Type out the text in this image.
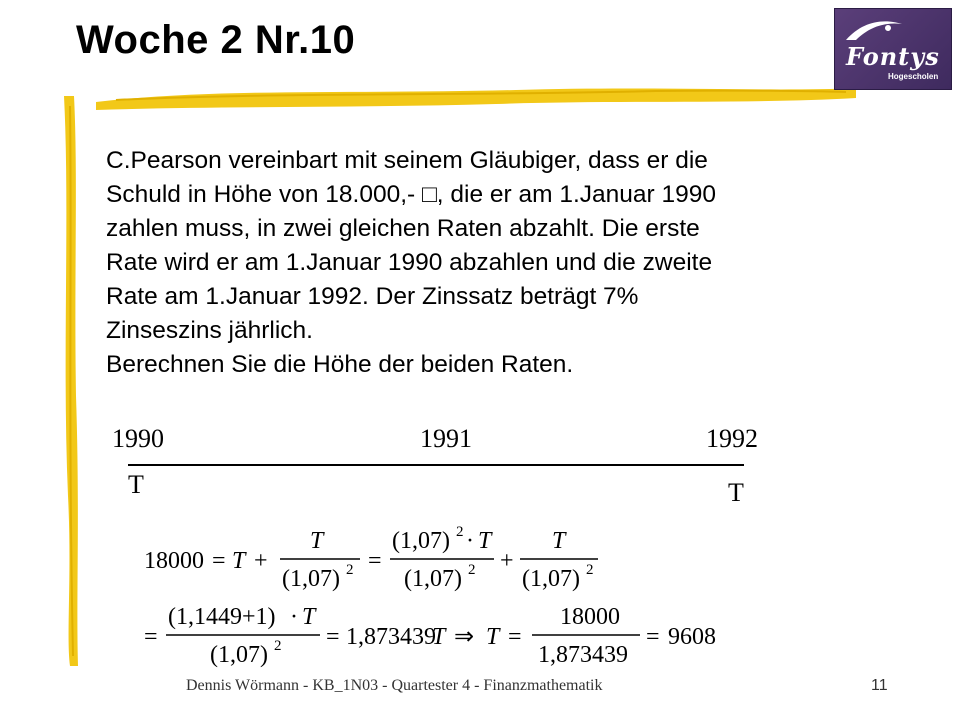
Woche 2 Nr.10	Fontys
Hogescholen
C.Pearson vereinbart mit seinem Gläubiger, dass er die
Schuld in Höhe von 18.000,- □, die er am 1.Januar 1990
zahlen muss, in zwei gleichen Raten abzahlt. Die erste
Rate wird er am 1.Januar 1990 abzahlen und die zweite
Rate am 1.Januar 1992. Der Zinssatz beträgt 7%
Zinseszins jährlich.
Berechnen Sie die Höhe der beiden Raten.
1990	1991	1992
T	T
18000 = T +
T
(1,07) 2 =
(1,07) 2 · T
(1,07) 2 +
T
(1,07) 2
=
(1,1449+1) · T
(1,07) 2 = 1,873439
T ⇒ T =
18000
1,873439
= 9608
Dennis Wörmann - KB_1N03 - Quartester 4 - Finanzmathematik	11
